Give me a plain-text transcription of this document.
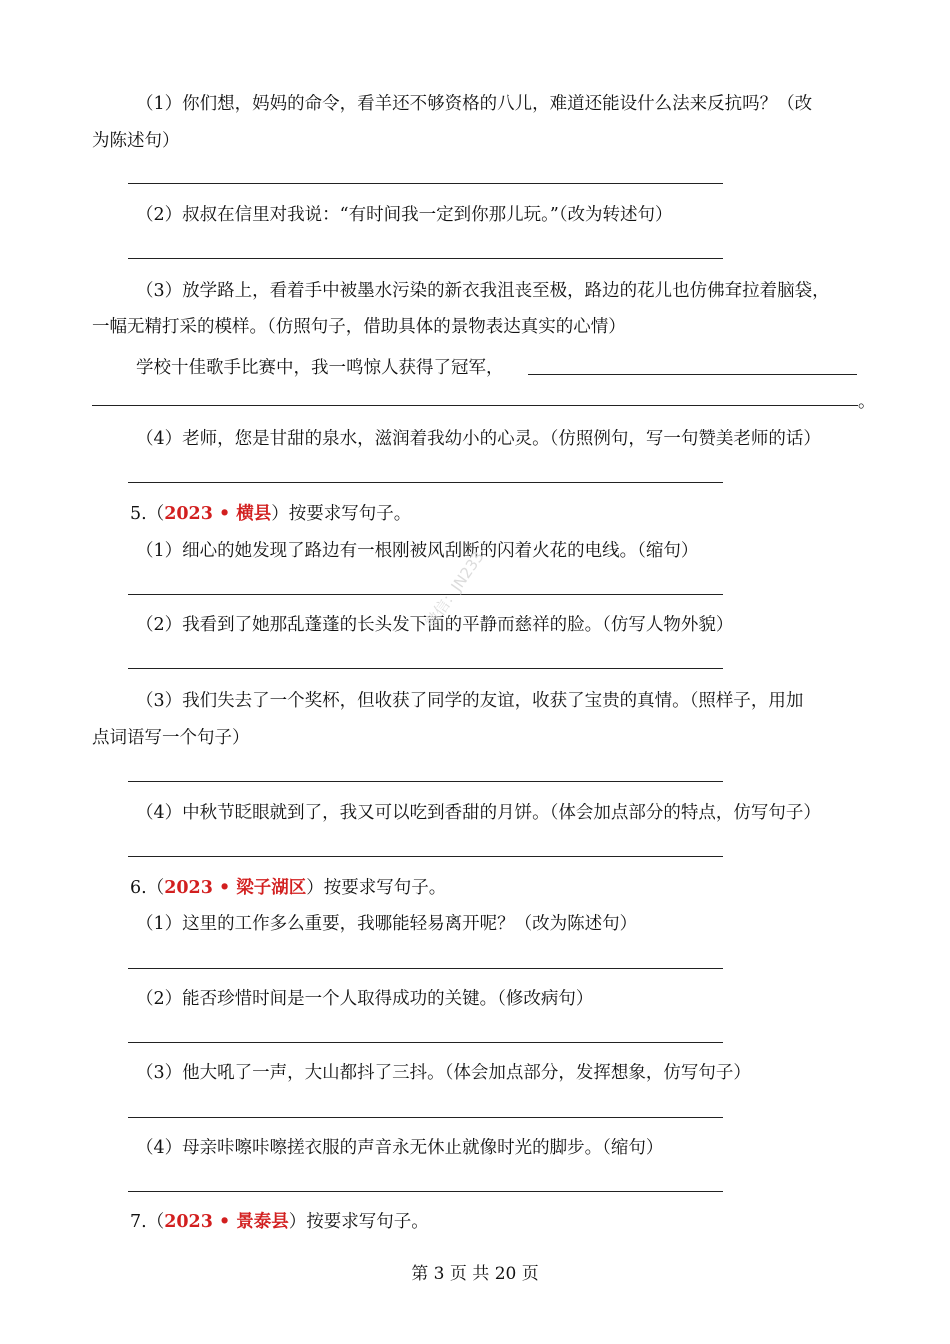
（1）你们想，妈妈的命令，看羊还不够资格的八儿，难道还能设什么法来反抗吗？（改
为陈述句）
（2）叔叔在信里对我说：“有时间我一定到你那儿玩。”（改为转述句）
（3）放学路上，看着手中被墨水污染的新衣我沮丧至极，路边的花儿也仿佛耷拉着脑袋，
一幅无精打采的模样。（仿照句子，借助具体的景物表达真实的心情）
学校十佳歌手比赛中，我一鸣惊人获得了冠军，
。
（4）老师，您是甘甜的泉水，滋润着我幼小的心灵。（仿照例句，写一句赞美老师的话）
5.（2023 • 横县）按要求写句子。
（1）细心的她发现了路边有一根刚被风刮断的闪着火花的电线。（缩句）
（2）我看到了她那乱蓬蓬的长头发下面的平静而慈祥的脸。（仿写人物外貌）
（3）我们失去了一个奖杯，但收获了同学的友谊，收获了宝贵的真情。（照样子，用加
点词语写一个句子）
（4）中秋节眨眼就到了，我又可以吃到香甜的月饼。（体会加点部分的特点，仿写句子）
6.（2023 • 梁子湖区）按要求写句子。
（1）这里的工作多么重要，我哪能轻易离开呢？（改为陈述句）
（2）能否珍惜时间是一个人取得成功的关键。（修改病句）
（3）他大吼了一声，大山都抖了三抖。（体会加点部分，发挥想象，仿写句子）
（4）母亲咔嚓咔嚓搓衣服的声音永无休止就像时光的脚步。（缩句）
7.（2023 • 景泰县）按要求写句子。
微信：JN233···
第 3 页 共 20 页
